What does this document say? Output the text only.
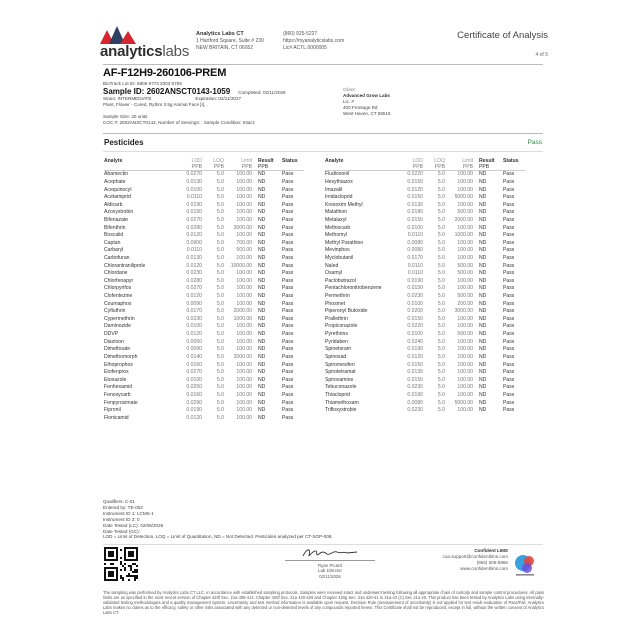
analyticslabs
Analytics Labs CT
1 Hartford Square, Suite # 230
NEW BRITAIN, CT 06052
(860) 925-5227
https://myanalyticslabs.com
Lic# ACTL.0000005
Certificate of Analysis
4 of 5
AF-F12H9-260106-PREM
BioTrack Lot ID: 6806 9773 2003 6759
Sample ID: 2602ANSCT0143-1059 Completed: 02/11/2026
Strain: INTERMEDIATE	Expiration: 02/11/2027
Plant, Flower - Cured, Rythm 3.5g Animal Face [I], .
Sample Size: 20 units
COC #: 2602ANSCT0143, Number of Servings: ; Sample Condition: Intact;
Client
Advanced Grow Labs
Lic. #
400 Frontage Rd
West Haven, CT 06516
Pesticides	Pass
Analyte	LOD	LOQ	Limit	Result	Status
PPB	PPB	PPB	PPB
Abamectin	0.0270	5.0	100.00	ND	Pass
Acephate	0.0130	5.0	100.00	ND	Pass
Acequinocyl	0.0100	5.0	100.00	ND	Pass
Acetamiprid	0.0110	5.0	100.00	ND	Pass
Aldicarb	0.0190	5.0	100.00	ND	Pass
Azoxystrobin	0.0150	5.0	100.00	ND	Pass
Bifenazate	0.0270	5.0	100.00	ND	Pass
Bifenthrin	0.0280	5.0	3000.00	ND	Pass
Boscalid	0.0120	5.0	100.00	ND	Pass
Captan	0.0900	5.0	700.00	ND	Pass
Carbaryl	0.0110	5.0	500.00	ND	Pass
Carbofuran	0.0130	5.0	100.00	ND	Pass
Chlorantraniliprole	0.0120	5.0	10000.00	ND	Pass
Chlordane	0.0230	5.0	100.00	ND	Pass
Chlorfenapyr	0.0280	5.0	100.00	ND	Pass
Chlorpyrifos	0.0270	5.0	100.00	ND	Pass
Clofentezine	0.0120	5.0	100.00	ND	Pass
Coumaphos	0.0090	5.0	100.00	ND	Pass
Cyfluthrin	0.0170	5.0	2000.00	ND	Pass
Cypermethrin	0.0230	5.0	1000.00	ND	Pass
Daminozide	0.0100	5.0	100.00	ND	Pass
DDVP	0.0120	5.0	100.00	ND	Pass
Diazinon	0.0050	5.0	100.00	ND	Pass
Dimethoate	0.0090	5.0	100.00	ND	Pass
Dimethomorph	0.0140	5.0	2000.00	ND	Pass
Ethoprophos	0.0160	5.0	100.00	ND	Pass
Etofenprox	0.0270	5.0	100.00	ND	Pass
Etoxazole	0.0100	5.0	100.00	ND	Pass
Fenhexamid	0.0250	5.0	100.00	ND	Pass
Fenoxycarb	0.0160	5.0	100.00	ND	Pass
Fenpyroximate	0.0290	5.0	100.00	ND	Pass
Fipronil	0.0190	5.0	100.00	ND	Pass
Flonicamid	0.0120	5.0	100.00	ND	Pass
Analyte	LOD	LOQ	Limit	Result	Status
PPB	PPB	PPB	PPB
Fludioxonil	0.0220	5.0	100.00	ND	Pass
Hexythiazox	0.0150	5.0	100.00	ND	Pass
Imazalil	0.0120	5.0	100.00	ND	Pass
Imidacloprid	0.0150	5.0	5000.00	ND	Pass
Kresoxim Methyl	0.0130	5.0	100.00	ND	Pass
Malathion	0.0180	5.0	500.00	ND	Pass
Metalaxyl	0.0150	5.0	2000.00	ND	Pass
Methiocarb	0.0100	5.0	100.00	ND	Pass
Methomyl	0.0110	5.0	1000.00	ND	Pass
Methyl Parathion	0.0080	5.0	100.00	ND	Pass
Mevinphos	0.0080	5.0	100.00	ND	Pass
Myclobutanil	0.0170	5.0	100.00	ND	Pass
Naled	0.0110	5.0	500.00	ND	Pass
Oxamyl	0.0110	5.0	500.00	ND	Pass
Paclobutrazol	0.0190	5.0	100.00	ND	Pass
Pentachloronitrobenzene	0.0150	5.0	100.00	ND	Pass
Permethrin	0.0230	5.0	500.00	ND	Pass
Phosmet	0.0100	5.0	200.00	ND	Pass
Piperonyl Butoxide	0.0200	5.0	3000.00	ND	Pass
Prallethrin	0.0150	5.0	100.00	ND	Pass
Propiconazole	0.0220	5.0	100.00	ND	Pass
Pyrethrins	0.0100	5.0	500.00	ND	Pass
Pyridaben	0.0240	5.0	100.00	ND	Pass
Spinetoram	0.0190	5.0	100.00	ND	Pass
Spinosad	0.0120	5.0	100.00	ND	Pass
Spiromesifen	0.0150	5.0	100.00	ND	Pass
Spirotetramat	0.0130	5.0	100.00	ND	Pass
Spiroxamine	0.0150	5.0	100.00	ND	Pass
Tebuconazole	0.0230	5.0	100.00	ND	Pass
Thiacloprid	0.0190	5.0	100.00	ND	Pass
Thiamethoxam	0.0080	5.0	5000.00	ND	Pass
Trifloxystrobin	0.0230	5.0	100.00	ND	Pass
Qualifiers: C-01
Entered by: TE-002
Instrument ID 1: LCMS-1
Instrument ID 2: 0
Date Tested (LC): 02/06/2026
Date Tested (GC):
LOD = Limit of Detection, LOQ = Limit of Quantitation, ND = Not Detected. Pesticides analyzed per CT-SOP-008.
Ryan Picard
Lab Director
02/11/2026
Confident LIMS
coa.support@confidentlims.com
(866) 506-5866
www.confidentlims.com
The sampling was performed by Analytics Labs CT LLC. in accordance with established sampling protocols. Samples were received intact and underwent testing following all appropriate chain of custody and sample control procedures. All pass limits are as specified in the most recent version of Chapter 420f Sec. 21a 408-414. Chapter 420f Sec. 21a 420-429 and Chapter 420g Sec. 21a 420-41 to 21a-42 (C) Sec 21a 40. This product has been tested by Analytics Labs using internally-validated testing methodologies and a quality management system. Uncertainty and test method information is available upon request. Decision Rule (measurement of uncertainty) is not applied for test result evaluation of Pass/Fail. Analytics Labs makes no claims as to the efficacy, safety or other risks associated with any detected or non-detected levels of any compounds reported herein. This Certificate shall not be reproduced, except in full, without the written consent of Analytics Labs CT.
